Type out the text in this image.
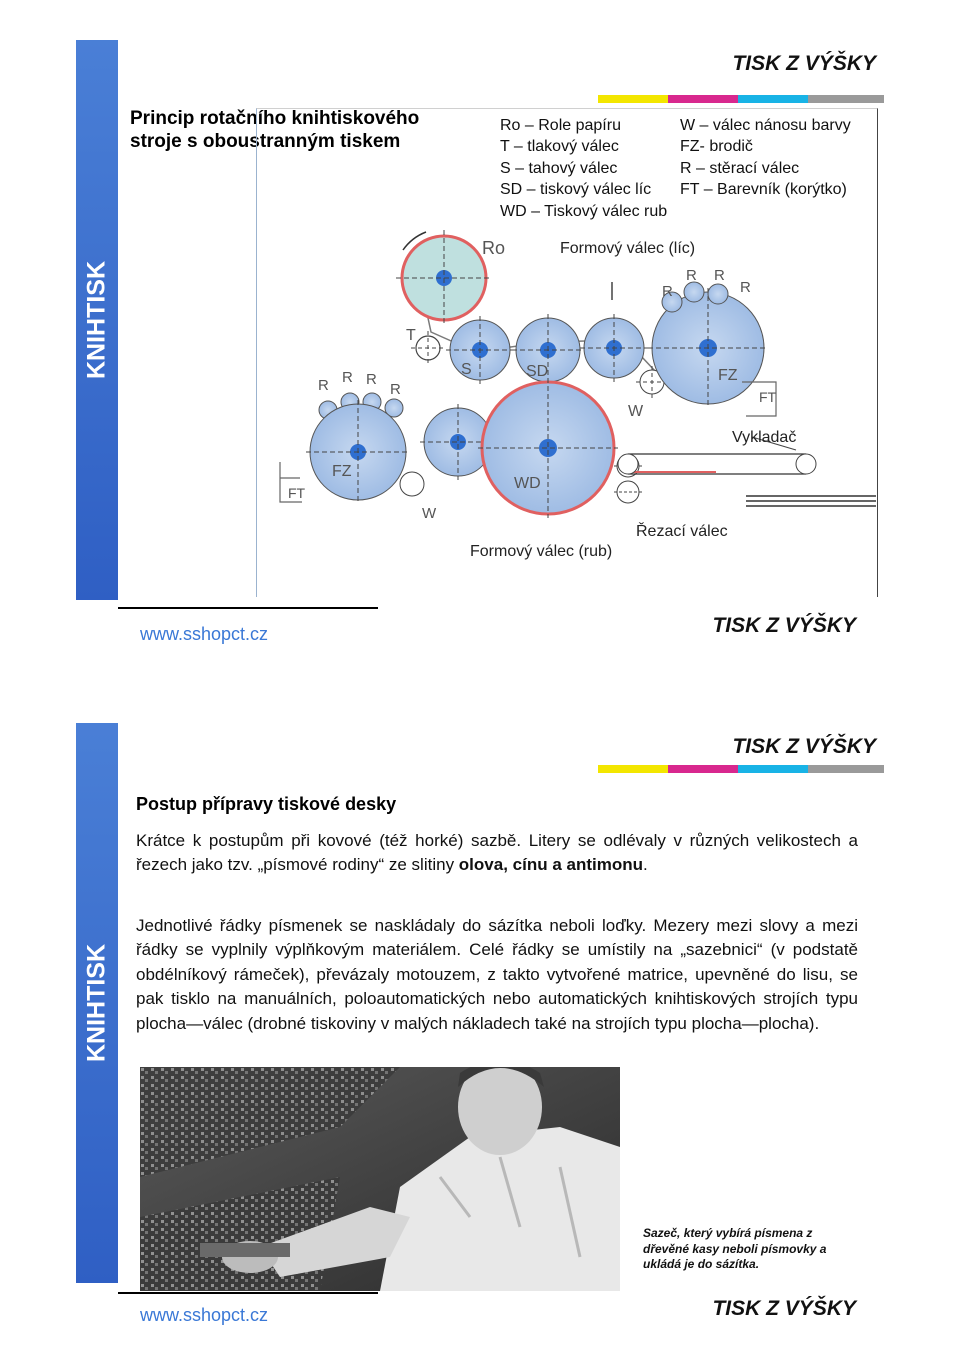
KNIHTISK
TISK Z VÝŠKY
Princip rotačního knihtiskového stroje s oboustranným tiskem
Ro – Role papíru
T – tlakový válec
S – tahový válec
SD – tiskový válec líc
WD – Tiskový válec rub
W – válec nánosu barvy
FZ- brodič
R – stěrací válec
FT – Barevník (korýtko)
Formový válec (líc)
Ro
T
S	SD
W
FZ
R
R R
R
FT
R R R
R
FZ
FT
W
WD
Vykladač
Řezací válec
Formový válec (rub)
www.sshopct.cz	TISK Z VÝŠKY
KNIHTISK
TISK Z VÝŠKY
Postup přípravy tiskové desky
Krátce k postupům při kovové (též horké) sazbě. Litery se odlévaly v různých velikostech a řezech jako tzv. „písmové rodiny“ ze slitiny olova, cínu a antimonu.
Jednotlivé řádky písmenek se naskládaly do sázítka neboli loďky. Mezery mezi slovy a mezi řádky se vyplnily výplňkovým materiálem. Celé řádky se umístily na „sazebnici“ (v podstatě obdélníkový rámeček), převázaly motouzem, z takto vytvořené matrice, upevněné do lisu, se pak tisklo na manuálních, poloautomatických nebo automatických knihtiskových strojích typu plocha—válec (drobné tiskoviny v malých nákladech také na strojích typu plocha—plocha).
Sazeč, který vybírá písmena z dřevěné kasy neboli písmovky a ukládá je do sázítka.
www.sshopct.cz	TISK Z VÝŠKY
